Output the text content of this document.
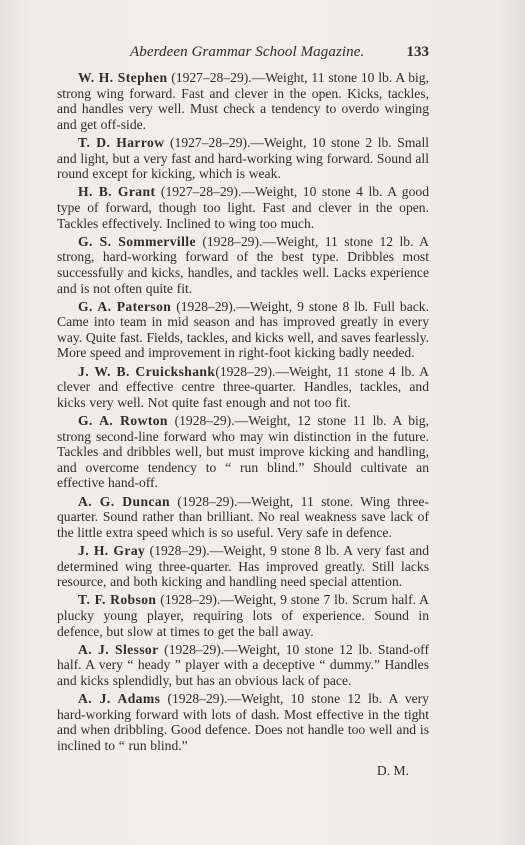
Aberdeen Grammar School Magazine.	133

W. H. Stephen (1927–28–29).—Weight, 11 stone 10 lb. A big, strong wing forward. Fast and clever in the open. Kicks, tackles, and handles very well. Must check a tendency to overdo winging and get off-side.

T. D. Harrow (1927–28–29).—Weight, 10 stone 2 lb. Small and light, but a very fast and hard-working wing forward. Sound all round except for kicking, which is weak.

H. B. Grant (1927–28–29).—Weight, 10 stone 4 lb. A good type of forward, though too light. Fast and clever in the open. Tackles effectively. Inclined to wing too much.

G. S. Sommerville (1928–29).—Weight, 11 stone 12 lb. A strong, hard-working forward of the best type. Dribbles most successfully and kicks, handles, and tackles well. Lacks experience and is not often quite fit.

G. A. Paterson (1928–29).—Weight, 9 stone 8 lb. Full back. Came into team in mid season and has improved greatly in every way. Quite fast. Fields, tackles, and kicks well, and saves fearlessly. More speed and improvement in right-foot kicking badly needed.

J. W. B. Cruickshank(1928–29).—Weight, 11 stone 4 lb. A clever and effective centre three-quarter. Handles, tackles, and kicks very well. Not quite fast enough and not too fit.

G. A. Rowton (1928–29).—Weight, 12 stone 11 lb. A big, strong second-line forward who may win distinction in the future. Tackles and dribbles well, but must improve kicking and handling, and overcome tendency to “ run blind.” Should cultivate an effective hand-off.

A. G. Duncan (1928–29).—Weight, 11 stone. Wing three-quarter. Sound rather than brilliant. No real weakness save lack of the little extra speed which is so useful. Very safe in defence.

J. H. Gray (1928–29).—Weight, 9 stone 8 lb. A very fast and determined wing three-quarter. Has improved greatly. Still lacks resource, and both kicking and handling need special attention.

T. F. Robson (1928–29).—Weight, 9 stone 7 lb. Scrum half. A plucky young player, requiring lots of experience. Sound in defence, but slow at times to get the ball away.

A. J. Slessor (1928–29).—Weight, 10 stone 12 lb. Stand-off half. A very “ heady ” player with a deceptive “ dummy.” Handles and kicks splendidly, but has an obvious lack of pace.

A. J. Adams (1928–29).—Weight, 10 stone 12 lb. A very hard-working forward with lots of dash. Most effective in the tight and when dribbling. Good defence. Does not handle too well and is inclined to “ run blind.”

D. M.
